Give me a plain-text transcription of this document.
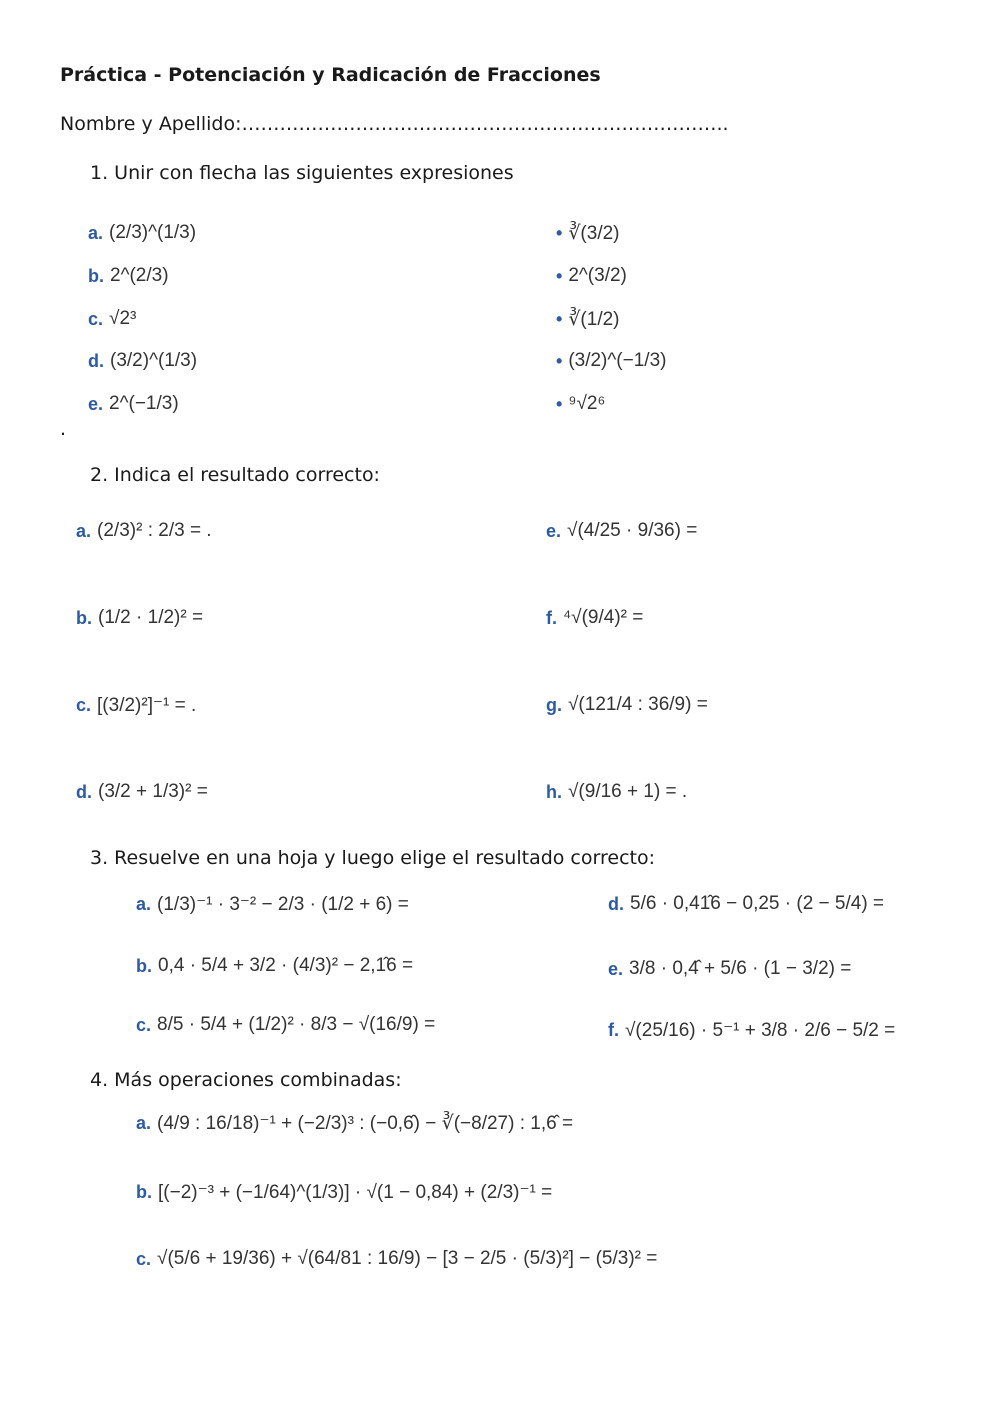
Práctica - Potenciación y Radicación de Fracciones
Nombre y Apellido:…………………………………………………………………..
1. Unir con flecha las siguientes expresiones
a. (2/3)^(1/3)
b. 2^(2/3)
c. √2³
d. (3/2)^(1/3)
e. 2^(−1/3)
• ∛(3/2)
• 2^(3/2)
• ∛(1/2)
• (3/2)^(−1/3)
• ⁹√2⁶
.
2. Indica el resultado correcto:
a. (2/3)² : 2/3 = .
b. (1/2 · 1/2)² =
c. [(3/2)²]⁻¹ = .
d. (3/2 + 1/3)² =
e. √(4/25 · 9/36) =
f. ⁴√(9/4)² =
g. √(121/4 : 36/9) =
h. √(9/16 + 1) = .
3. Resuelve en una hoja y luego elige el resultado correcto:
a. (1/3)⁻¹ · 3⁻² − 2/3 · (1/2 + 6) =
b. 0,4 · 5/4 + 3/2 · (4/3)² − 2,1̂6 =
c. 8/5 · 5/4 + (1/2)² · 8/3 − √(16/9) =
d. 5/6 · 0,41̂6 − 0,25 · (2 − 5/4) =
e. 3/8 · 0,4̂ + 5/6 · (1 − 3/2) =
f. √(25/16) · 5⁻¹ + 3/8 · 2/6 − 5/2 =
4. Más operaciones combinadas:
a. (4/9 : 16/18)⁻¹ + (−2/3)³ : (−0,6̂) − ∛(−8/27) : 1,6̂ =
b. [(−2)⁻³ + (−1/64)^(1/3)] · √(1 − 0,84) + (2/3)⁻¹ =
c. √(5/6 + 19/36) + √(64/81 : 16/9) − [3 − 2/5 · (5/3)²] − (5/3)² =
